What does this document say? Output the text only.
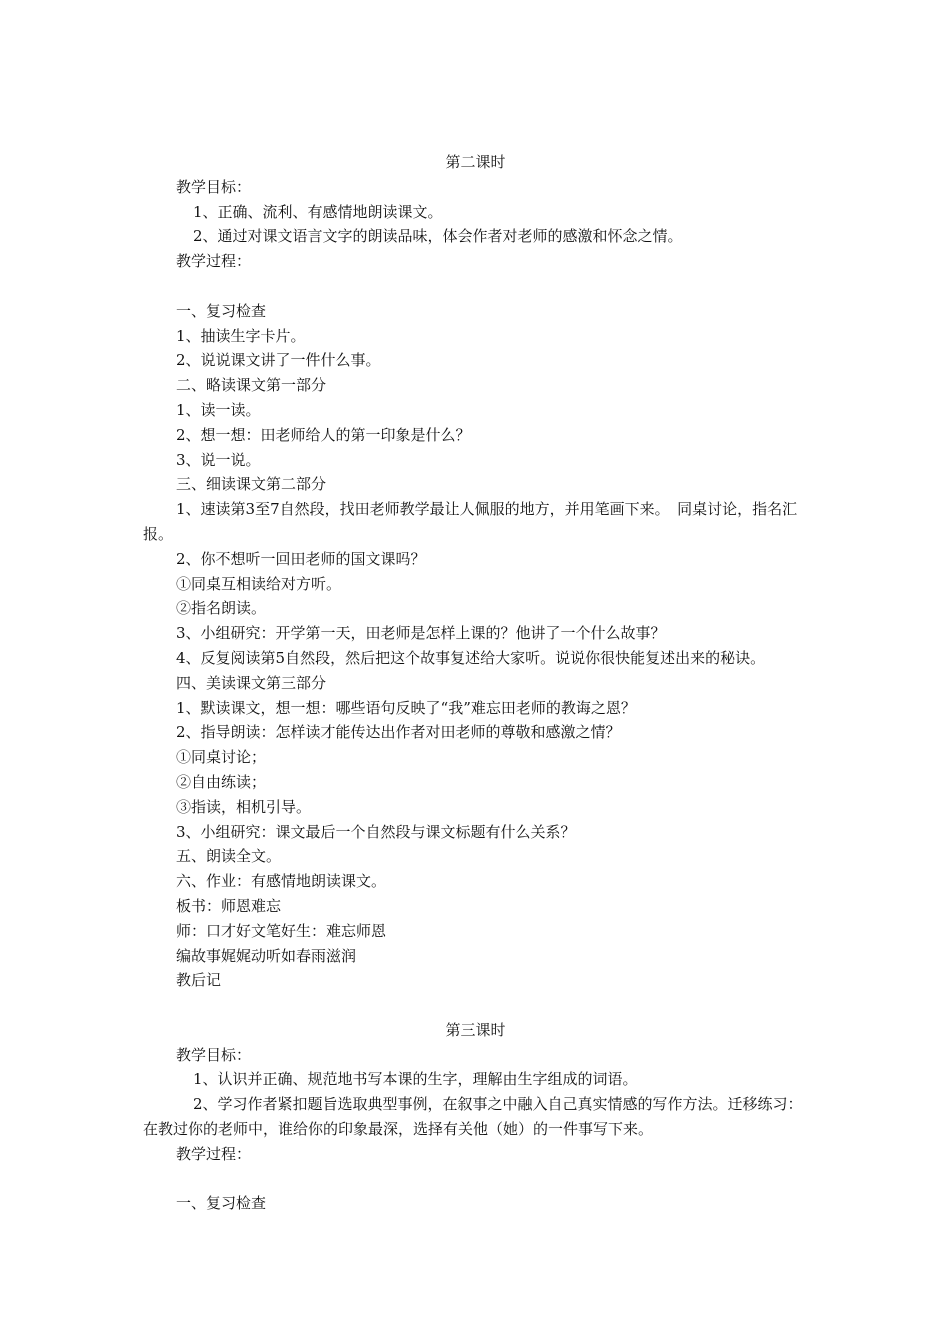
第二课时
教学目标：
1、正确、流利、有感情地朗读课文。
2、通过对课文语言文字的朗读品味，体会作者对老师的感激和怀念之情。
教学过程：
一、复习检查
1、抽读生字卡片。
2、说说课文讲了一件什么事。
二、略读课文第一部分
1、读一读。
2、想一想：田老师给人的第一印象是什么？
3、说一说。
三、细读课文第二部分
1、速读第3至7自然段，找田老师教学最让人佩服的地方，并用笔画下来。　同桌讨论，指名汇报。
2、你不想听一回田老师的国文课吗？
①同桌互相读给对方听。
②指名朗读。
3、小组研究：开学第一天，田老师是怎样上课的？他讲了一个什么故事？
4、反复阅读第5自然段，然后把这个故事复述给大家听。说说你很快能复述出来的秘诀。
四、美读课文第三部分
1、默读课文，想一想：哪些语句反映了“我”难忘田老师的教诲之恩？
2、指导朗读：怎样读才能传达出作者对田老师的尊敬和感激之情？
①同桌讨论；
②自由练读；
③指读，相机引导。
3、小组研究：课文最后一个自然段与课文标题有什么关系？
五、朗读全文。
六、作业：有感情地朗读课文。
板书：师恩难忘
师：口才好文笔好生：难忘师恩
编故事娓娓动听如春雨滋润
教后记
第三课时
教学目标：
1、认识并正确、规范地书写本课的生字，理解由生字组成的词语。
2、学习作者紧扣题旨选取典型事例，在叙事之中融入自己真实情感的写作方法。迁移练习：在教过你的老师中，谁给你的印象最深，选择有关他（她）的一件事写下来。
教学过程：
一、复习检查
